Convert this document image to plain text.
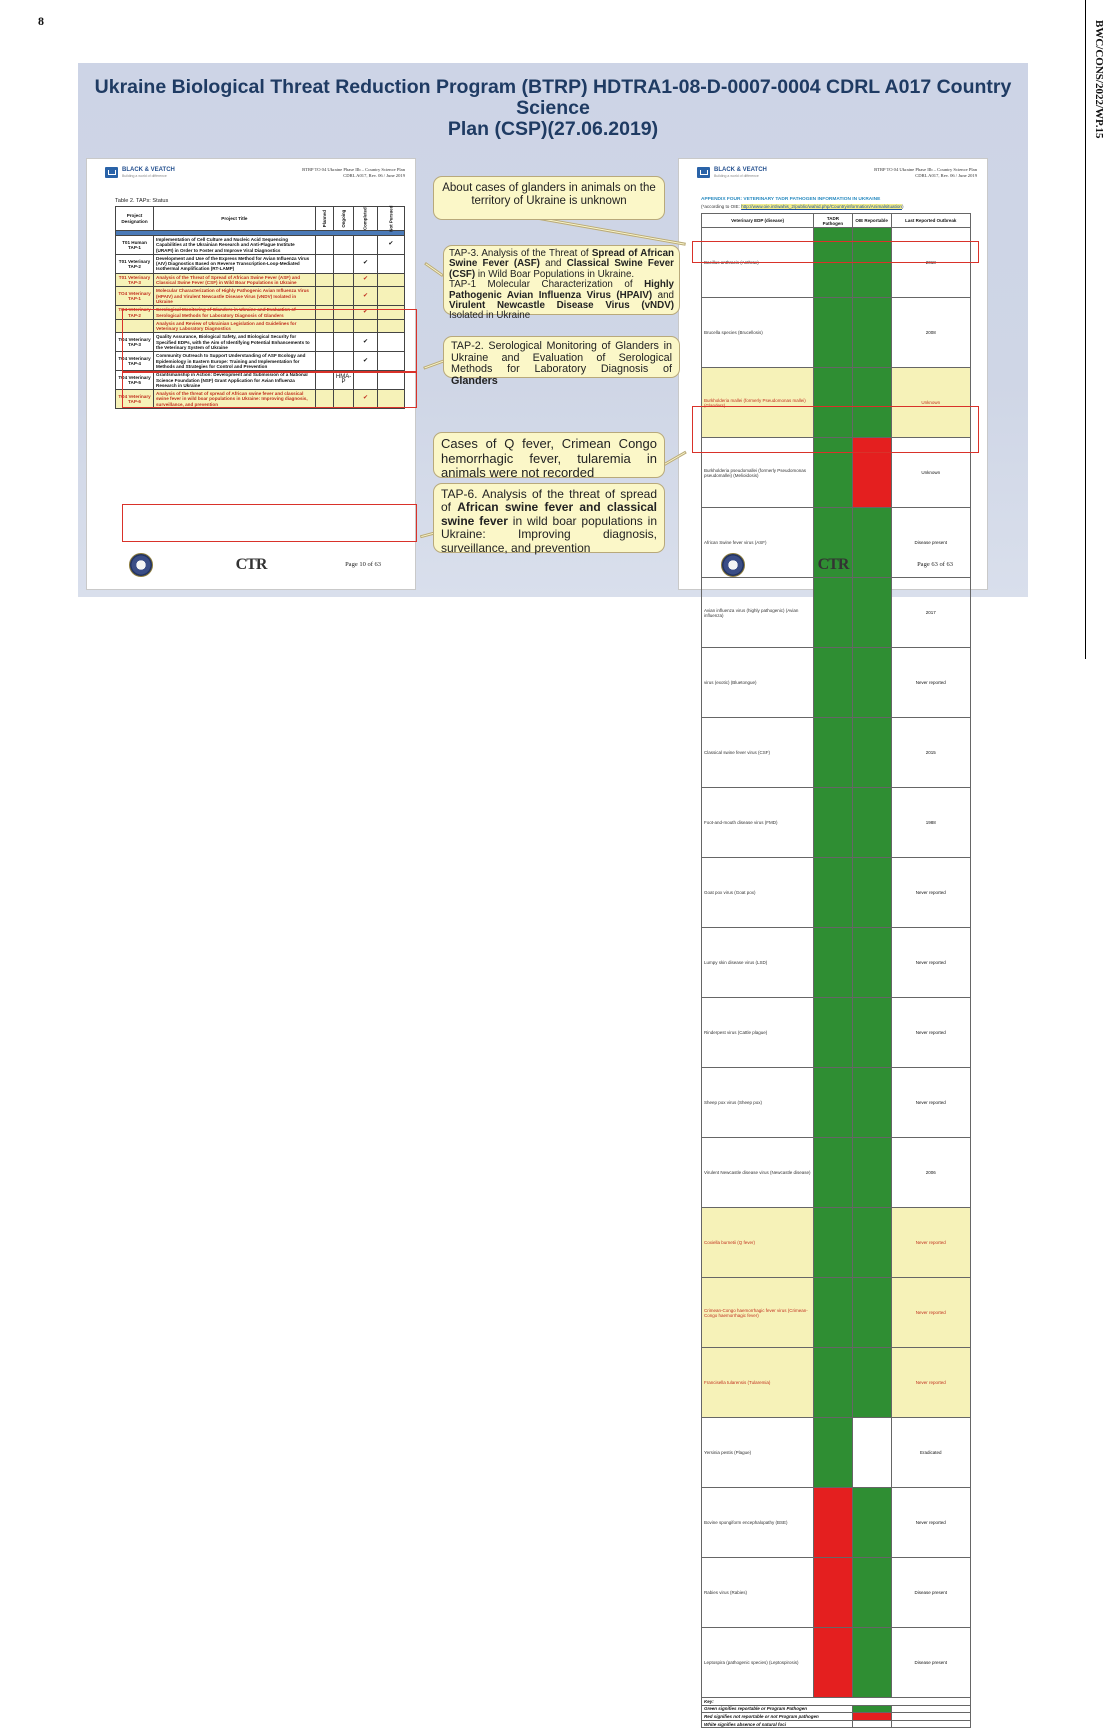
8	BWC/CONS/2022/WP.15
Ukraine Biological Threat Reduction Program (BTRP) HDTRA1-08-D-0007-0004 CDRL A017 Country Science
Plan (CSP)(27.06.2019)
BLACK & VEATCH
Building a world of difference
BTRP TO 04 Ukraine Phase IIb – Country Science Plan
CDRL A017, Rev. 06 / June 2019
Table 2. TAPs: Status
Project Designation	Project Title	Planned	Ongoing	Completed	Not Pursued

T01 Human TAP-1	Implementation of Cell Culture and Nucleic Acid Sequencing Capabilities at the Ukrainian Research and Anti-Plague Institute (URAPI) in Order to Foster and Improve Viral Diagnostics				✔
T01 Veterinary TAP-2	Development and Use of the Express Method for Avian Influenza Virus (AIV) Diagnostics Based on Reverse Transcription-Loop-Mediated Isothermal Amplification (RT-LAMP)			✔	
T01 Veterinary TAP-3	Analysis of the Threat of Spread of African Swine Fever (ASF) and Classical Swine Fever (CSF) in Wild Boar Populations in Ukraine			✔	
TO4 Veterinary TAP-1	Molecular Characterization of Highly Pathogenic Avian Influenza Virus (HPAIV) and Virulent Newcastle Disease Virus (vNDV) Isolated in Ukraine			✔	
TO4 Veterinary TAP-2	Serological Monitoring of Glanders in Ukraine and Evaluation of Serological Methods for Laboratory Diagnosis of Glanders			✔	
	Analysis and Review of Ukrainian Legislation and Guidelines for Veterinary Laboratory Diagnostics				
TO4 Veterinary TAP-3	Quality Assurance, Biological Safety, and Biological Security for Specified EDPs, with the Aim of Identifying Potential Enhancements to the Veterinary System of Ukraine			✔	
TO4 Veterinary TAP-4	Community Outreach to Support Understanding of ASF Ecology and Epidemiology in Eastern Europe: Training and Implementation for Methods and Strategies for Control and Prevention			✔	
TO4 Veterinary TAP-5	Grantsmanship in Action: Development and Submission of a National Science Foundation (NSF) Grant Application for Avian Influenza Research in Ukraine		HMA-P		
TO4 Veterinary TAP-6	Analysis of the threat of spread of African swine fever and classical swine fever in wild boar populations in Ukraine: Improving diagnosis, surveillance, and prevention			✔	
CTR	Page 10 of 63
BLACK & VEATCH
Building a world of difference
BTRP TO 04 Ukraine Phase IIb – Country Science Plan
CDRL A017, Rev. 06 / June 2019
APPENDIX FOUR: VETERINARY TADR PATHOGEN INFORMATION IN UKRAINE
(*according to OIE: http://www.oie.int/wahis_2/public/wahid.php/Countryinformation/Animalsituation)
Veterinary EDP (disease)	TADR Pathogen	OIE Reportable	Last Reported Outbreak
Bacillus anthracis (Anthrax)			2018
Brucella species (Brucellosis)			2008
Burkholderia mallei (formerly Pseudomonas mallei) (Glanders)			Unknown
Burkholderia pseudomallei (formerly Pseudomonas pseudomallei) (Melioidosis)			Unknown
African Swine fever virus (ASF)			Disease present
Avian influenza virus (highly pathogenic) (Avian influenza)			2017
virus (exotic) (Bluetongue)			Never reported
Classical swine fever virus (CSF)			2015
Foot-and-mouth disease virus (FMD)			1988
Goat pox virus (Goat pox)			Never reported
Lumpy skin disease virus (LSD)			Never reported
Rinderpest virus (Cattle plague)			Never reported
Sheep pox virus (Sheep pox)			Never reported
Virulent Newcastle disease virus (Newcastle disease)			2006
Coxiella burnetii (Q fever)			Never reported
Crimean-Congo haemorrhagic fever virus (Crimean-Congo haemorrhagic fever)			Never reported
Francisella tularensis (Tularemia)			Never reported
Yersinia pestis (Plague)			Eradicated
Bovine spongiform encephalopathy (BSE)			Never reported
Rabies virus (Rabies)			Disease present
Leptospira (pathogenic species) (Leptospirosis)			Disease present
Key:			
Green signifies reportable or Program Pathogen			
Red signifies not reportable or not Program pathogen			
White signifies absence of natural foci			
CTR	Page 63 of 63
About cases of glanders in animals on the territory of Ukraine is unknown
TAP-3. Analysis of the Threat of Spread of African Swine Fever (ASF) and Classical Swine Fever (CSF) in Wild Boar Populations in Ukraine.
TAP-1 Molecular Characterization of Highly Pathogenic Avian Influenza Virus (HPAIV) and Virulent Newcastle Disease Virus (vNDV) Isolated in Ukraine
TAP-2. Serological Monitoring of Glanders in Ukraine and Evaluation of Serological Methods for Laboratory Diagnosis of Glanders
Cases of Q fever, Crimean Congo hemorrhagic fever, tularemia in animals were not recorded
TAP-6. Analysis of the threat of spread of African swine fever and classical swine fever in wild boar populations in Ukraine: Improving diagnosis, surveillance, and prevention
